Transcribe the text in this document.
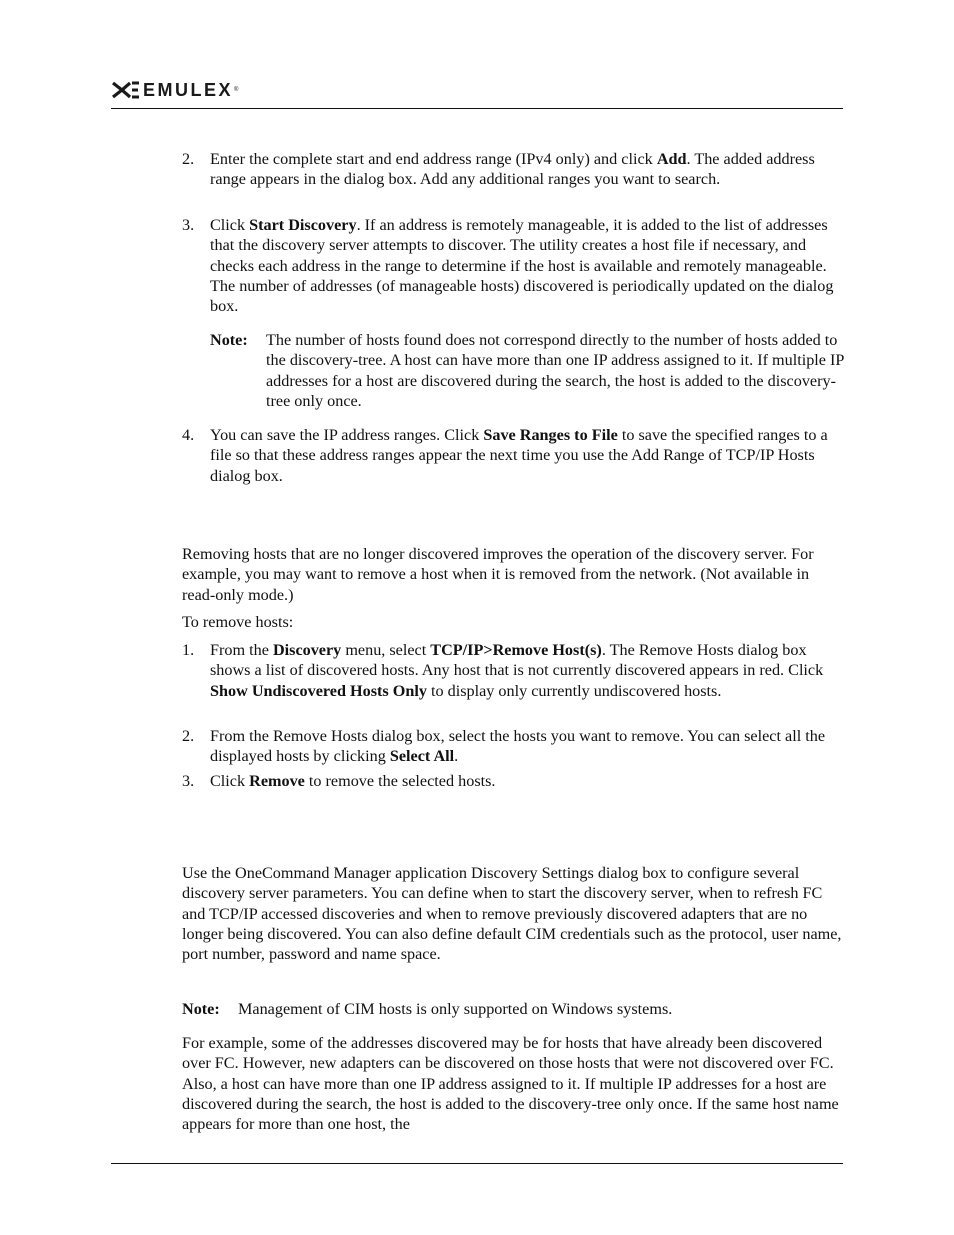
EMULEX ®
2. Enter the complete start and end address range (IPv4 only) and click Add. The added address range appears in the dialog box. Add any additional ranges you want to search.
3. Click Start Discovery. If an address is remotely manageable, it is added to the list of addresses that the discovery server attempts to discover. The utility creates a host file if necessary, and checks each address in the range to determine if the host is available and remotely manageable. The number of addresses (of manageable hosts) discovered is periodically updated on the dialog box.
Note: The number of hosts found does not correspond directly to the number of hosts added to the discovery-tree. A host can have more than one IP address assigned to it. If multiple IP addresses for a host are discovered during the search, the host is added to the discovery-tree only once.
4. You can save the IP address ranges. Click Save Ranges to File to save the specified ranges to a file so that these address ranges appear the next time you use the Add Range of TCP/IP Hosts dialog box.
Removing hosts that are no longer discovered improves the operation of the discovery server. For example, you may want to remove a host when it is removed from the network. (Not available in read-only mode.)
To remove hosts:
1. From the Discovery menu, select TCP/IP>Remove Host(s). The Remove Hosts dialog box shows a list of discovered hosts. Any host that is not currently discovered appears in red. Click Show Undiscovered Hosts Only to display only currently undiscovered hosts.
2. From the Remove Hosts dialog box, select the hosts you want to remove. You can select all the displayed hosts by clicking Select All.
3. Click Remove to remove the selected hosts.
Use the OneCommand Manager application Discovery Settings dialog box to configure several discovery server parameters. You can define when to start the discovery server, when to refresh FC and TCP/IP accessed discoveries and when to remove previously discovered adapters that are no longer being discovered. You can also define default CIM credentials such as the protocol, user name, port number, password and name space.
Note: Management of CIM hosts is only supported on Windows systems.
For example, some of the addresses discovered may be for hosts that have already been discovered over FC. However, new adapters can be discovered on those hosts that were not discovered over FC. Also, a host can have more than one IP address assigned to it. If multiple IP addresses for a host are discovered during the search, the host is added to the discovery-tree only once. If the same host name appears for more than one host, the
